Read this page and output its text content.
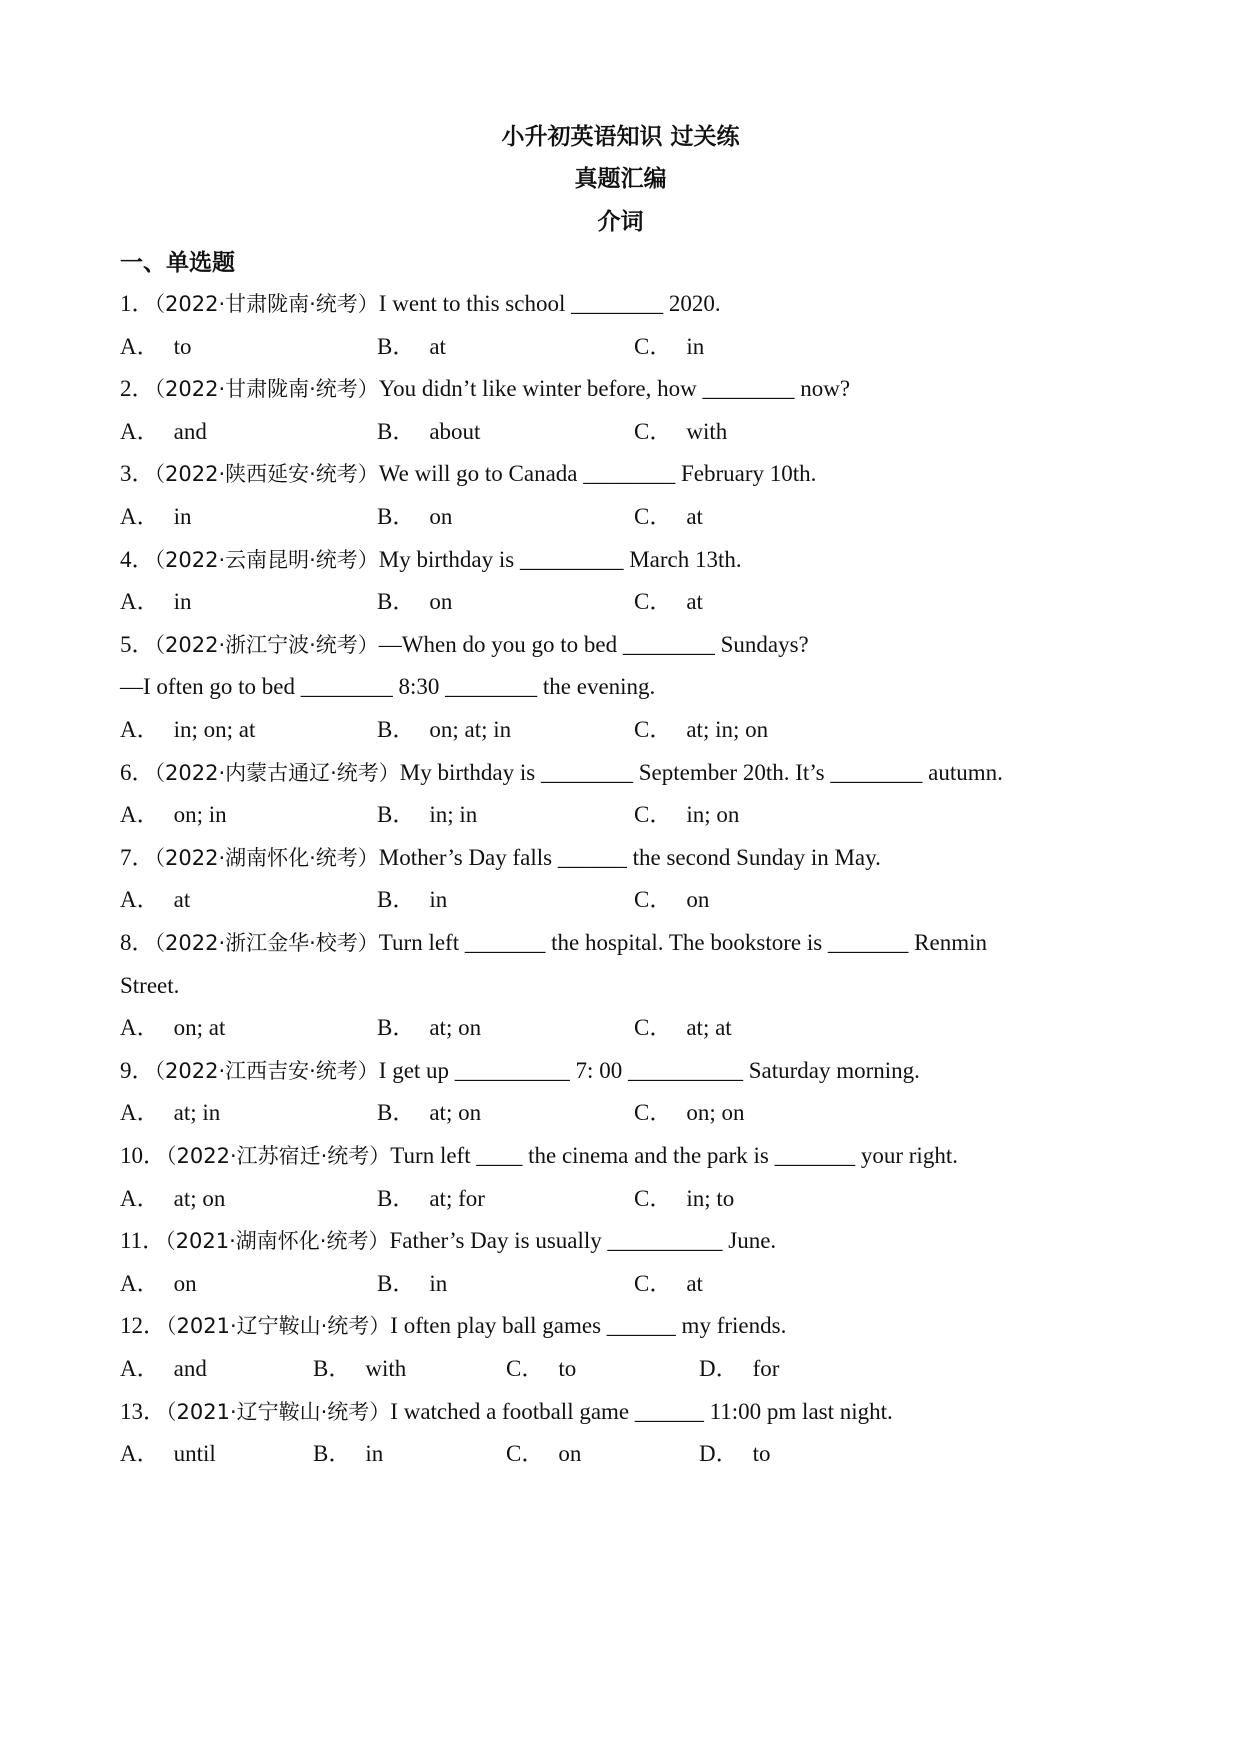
小升初英语知识 过关练
真题汇编
介词
一、单选题
1．（2022·甘肃陇南·统考）I went to this school ________ 2020.
A． to	B． at	C． in
2．（2022·甘肃陇南·统考）You didn’t like winter before, how ________ now?
A． and	B． about	C． with
3．（2022·陕西延安·统考）We will go to Canada ________ February 10th.
A． in	B． on	C． at
4．（2022·云南昆明·统考）My birthday is _________ March 13th.
A． in	B． on	C． at
5．（2022·浙江宁波·统考）—When do you go to bed ________ Sundays?
—I often go to bed ________ 8:30 ________ the evening.
A． in; on; at	B． on; at; in	C． at; in; on
6．（2022·内蒙古通辽·统考）My birthday is ________ September 20th. It’s ________ autumn.
A． on; in	B． in; in	C． in; on
7．（2022·湖南怀化·统考）Mother’s Day falls ______ the second Sunday in May.
A． at	B． in	C． on
8．（2022·浙江金华·校考）Turn left _______ the hospital. The bookstore is _______ Renmin
Street.
A． on; at	B． at; on	C． at; at
9．（2022·江西吉安·统考）I get up __________ 7: 00 __________ Saturday morning.
A． at; in	B． at; on	C． on; on
10．（2022·江苏宿迁·统考）Turn left ____ the cinema and the park is _______ your right.
A． at; on	B． at; for	C． in; to
11．（2021·湖南怀化·统考）Father’s Day is usually __________ June.
A． on	B． in	C． at
12．（2021·辽宁鞍山·统考）I often play ball games ______ my friends.
A． and	B． with	C． to	D． for
13．（2021·辽宁鞍山·统考）I watched a football game ______ 11:00 pm last night.
A． until	B． in	C． on	D． to
